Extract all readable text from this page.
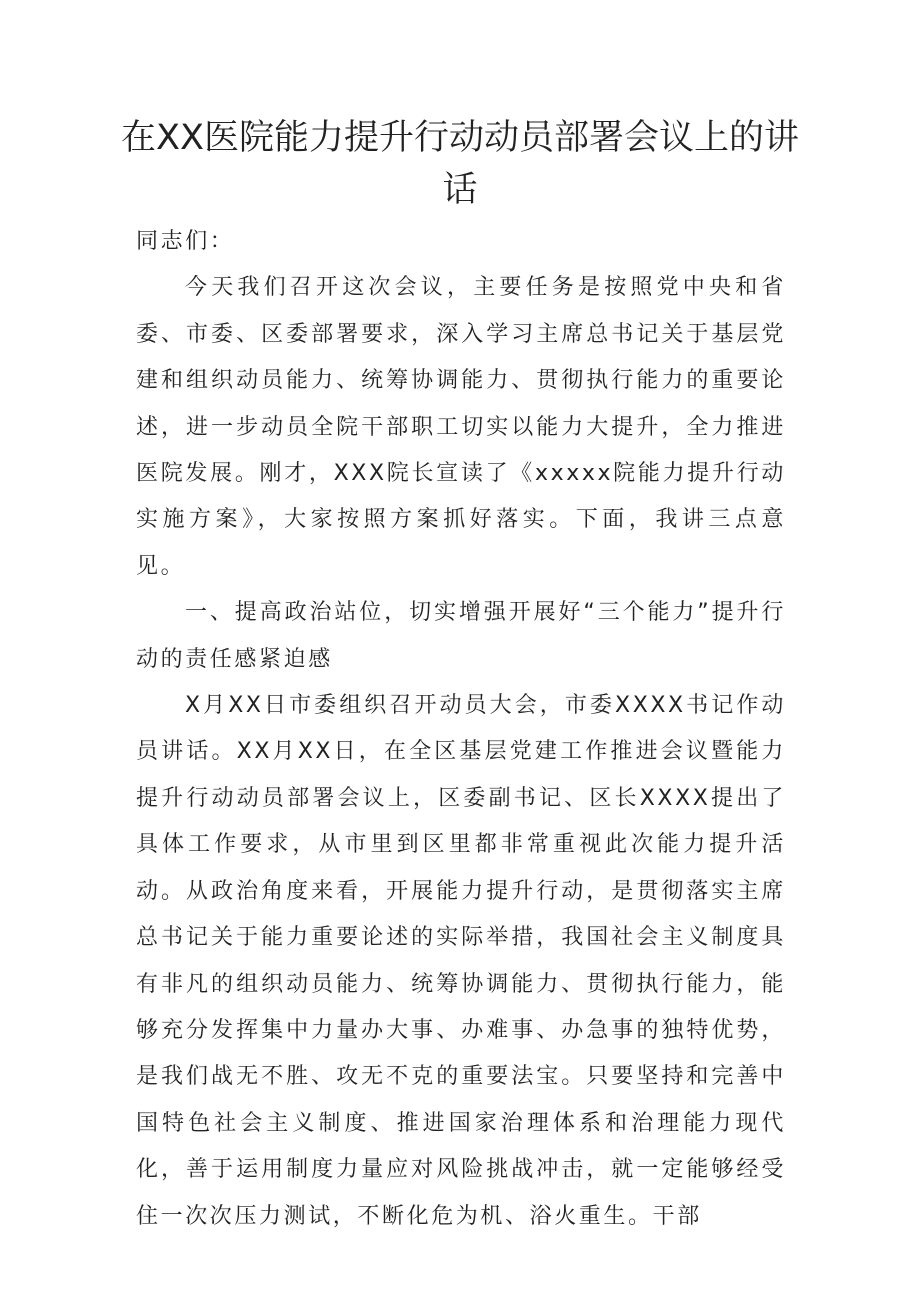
在XX医院能力提升行动动员部署会议上的讲话

同志们：

今天我们召开这次会议，主要任务是按照党中央和省委、市委、区委部署要求，深入学习主席总书记关于基层党建和组织动员能力、统筹协调能力、贯彻执行能力的重要论述，进一步动员全院干部职工切实以能力大提升，全力推进医院发展。刚才，XXX院长宣读了《xxxxx院能力提升行动实施方案》，大家按照方案抓好落实。下面，我讲三点意见。

一、提高政治站位，切实增强开展好“三个能力”提升行动的责任感紧迫感

X月XX日市委组织召开动员大会，市委XXXX书记作动员讲话。XX月XX日，在全区基层党建工作推进会议暨能力提升行动动员部署会议上，区委副书记、区长XXXX提出了具体工作要求，从市里到区里都非常重视此次能力提升活动。从政治角度来看，开展能力提升行动，是贯彻落实主席总书记关于能力重要论述的实际举措，我国社会主义制度具有非凡的组织动员能力、统筹协调能力、贯彻执行能力，能够充分发挥集中力量办大事、办难事、办急事的独特优势，是我们战无不胜、攻无不克的重要法宝。只要坚持和完善中国特色社会主义制度、推进国家治理体系和治理能力现代化，善于运用制度力量应对风险挑战冲击，就一定能够经受住一次次压力测试，不断化危为机、浴火重生。干部
